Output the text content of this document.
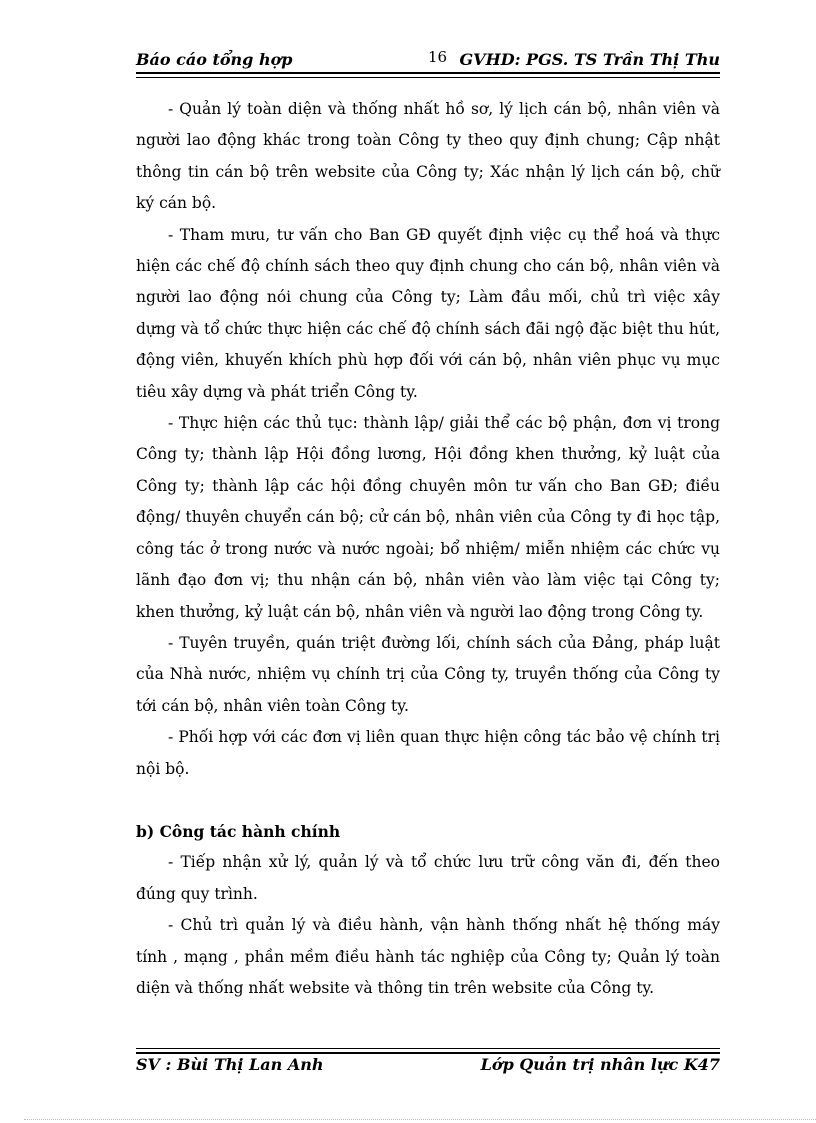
Báo cáo tổng hợp	16 GVHD: PGS. TS Trần Thị Thu

- Quản lý toàn diện và thống nhất hồ sơ, lý lịch cán bộ, nhân viên và người lao động khác trong toàn Công ty theo quy định chung; Cập nhật thông tin cán bộ trên website của Công ty; Xác nhận lý lịch cán bộ, chữ ký cán bộ.

- Tham mưu, tư vấn cho Ban GĐ quyết định việc cụ thể hoá và thực hiện các chế độ chính sách theo quy định chung cho cán bộ, nhân viên và người lao động nói chung của Công ty; Làm đầu mối, chủ trì việc xây dựng và tổ chức thực hiện các chế độ chính sách đãi ngộ đặc biệt thu hút, động viên, khuyến khích phù hợp đối với cán bộ, nhân viên phục vụ mục tiêu xây dựng và phát triển Công ty.

- Thực hiện các thủ tục: thành lập/ giải thể các bộ phận, đơn vị trong Công ty; thành lập Hội đồng lương, Hội đồng khen thưởng, kỷ luật của Công ty; thành lập các hội đồng chuyên môn tư vấn cho Ban GĐ; điều động/ thuyên chuyển cán bộ; cử cán bộ, nhân viên của Công ty đi học tập, công tác ở trong nước và nước ngoài; bổ nhiệm/ miễn nhiệm các chức vụ lãnh đạo đơn vị; thu nhận cán bộ, nhân viên vào làm việc tại Công ty; khen thưởng, kỷ luật cán bộ, nhân viên và người lao động trong Công ty.

- Tuyên truyền, quán triệt đường lối, chính sách của Đảng, pháp luật của Nhà nước, nhiệm vụ chính trị của Công ty, truyền thống của Công ty tới cán bộ, nhân viên toàn Công ty.

- Phối hợp với các đơn vị liên quan thực hiện công tác bảo vệ chính trị nội bộ.

b) Công tác hành chính

- Tiếp nhận xử lý, quản lý và tổ chức lưu trữ công văn đi, đến theo đúng quy trình.

- Chủ trì quản lý và điều hành, vận hành thống nhất hệ thống máy tính , mạng , phần mềm điều hành tác nghiệp của Công ty; Quản lý toàn diện và thống nhất website và thông tin trên website của Công ty.

SV : Bùi Thị Lan Anh	Lớp Quản trị nhân lực K47
